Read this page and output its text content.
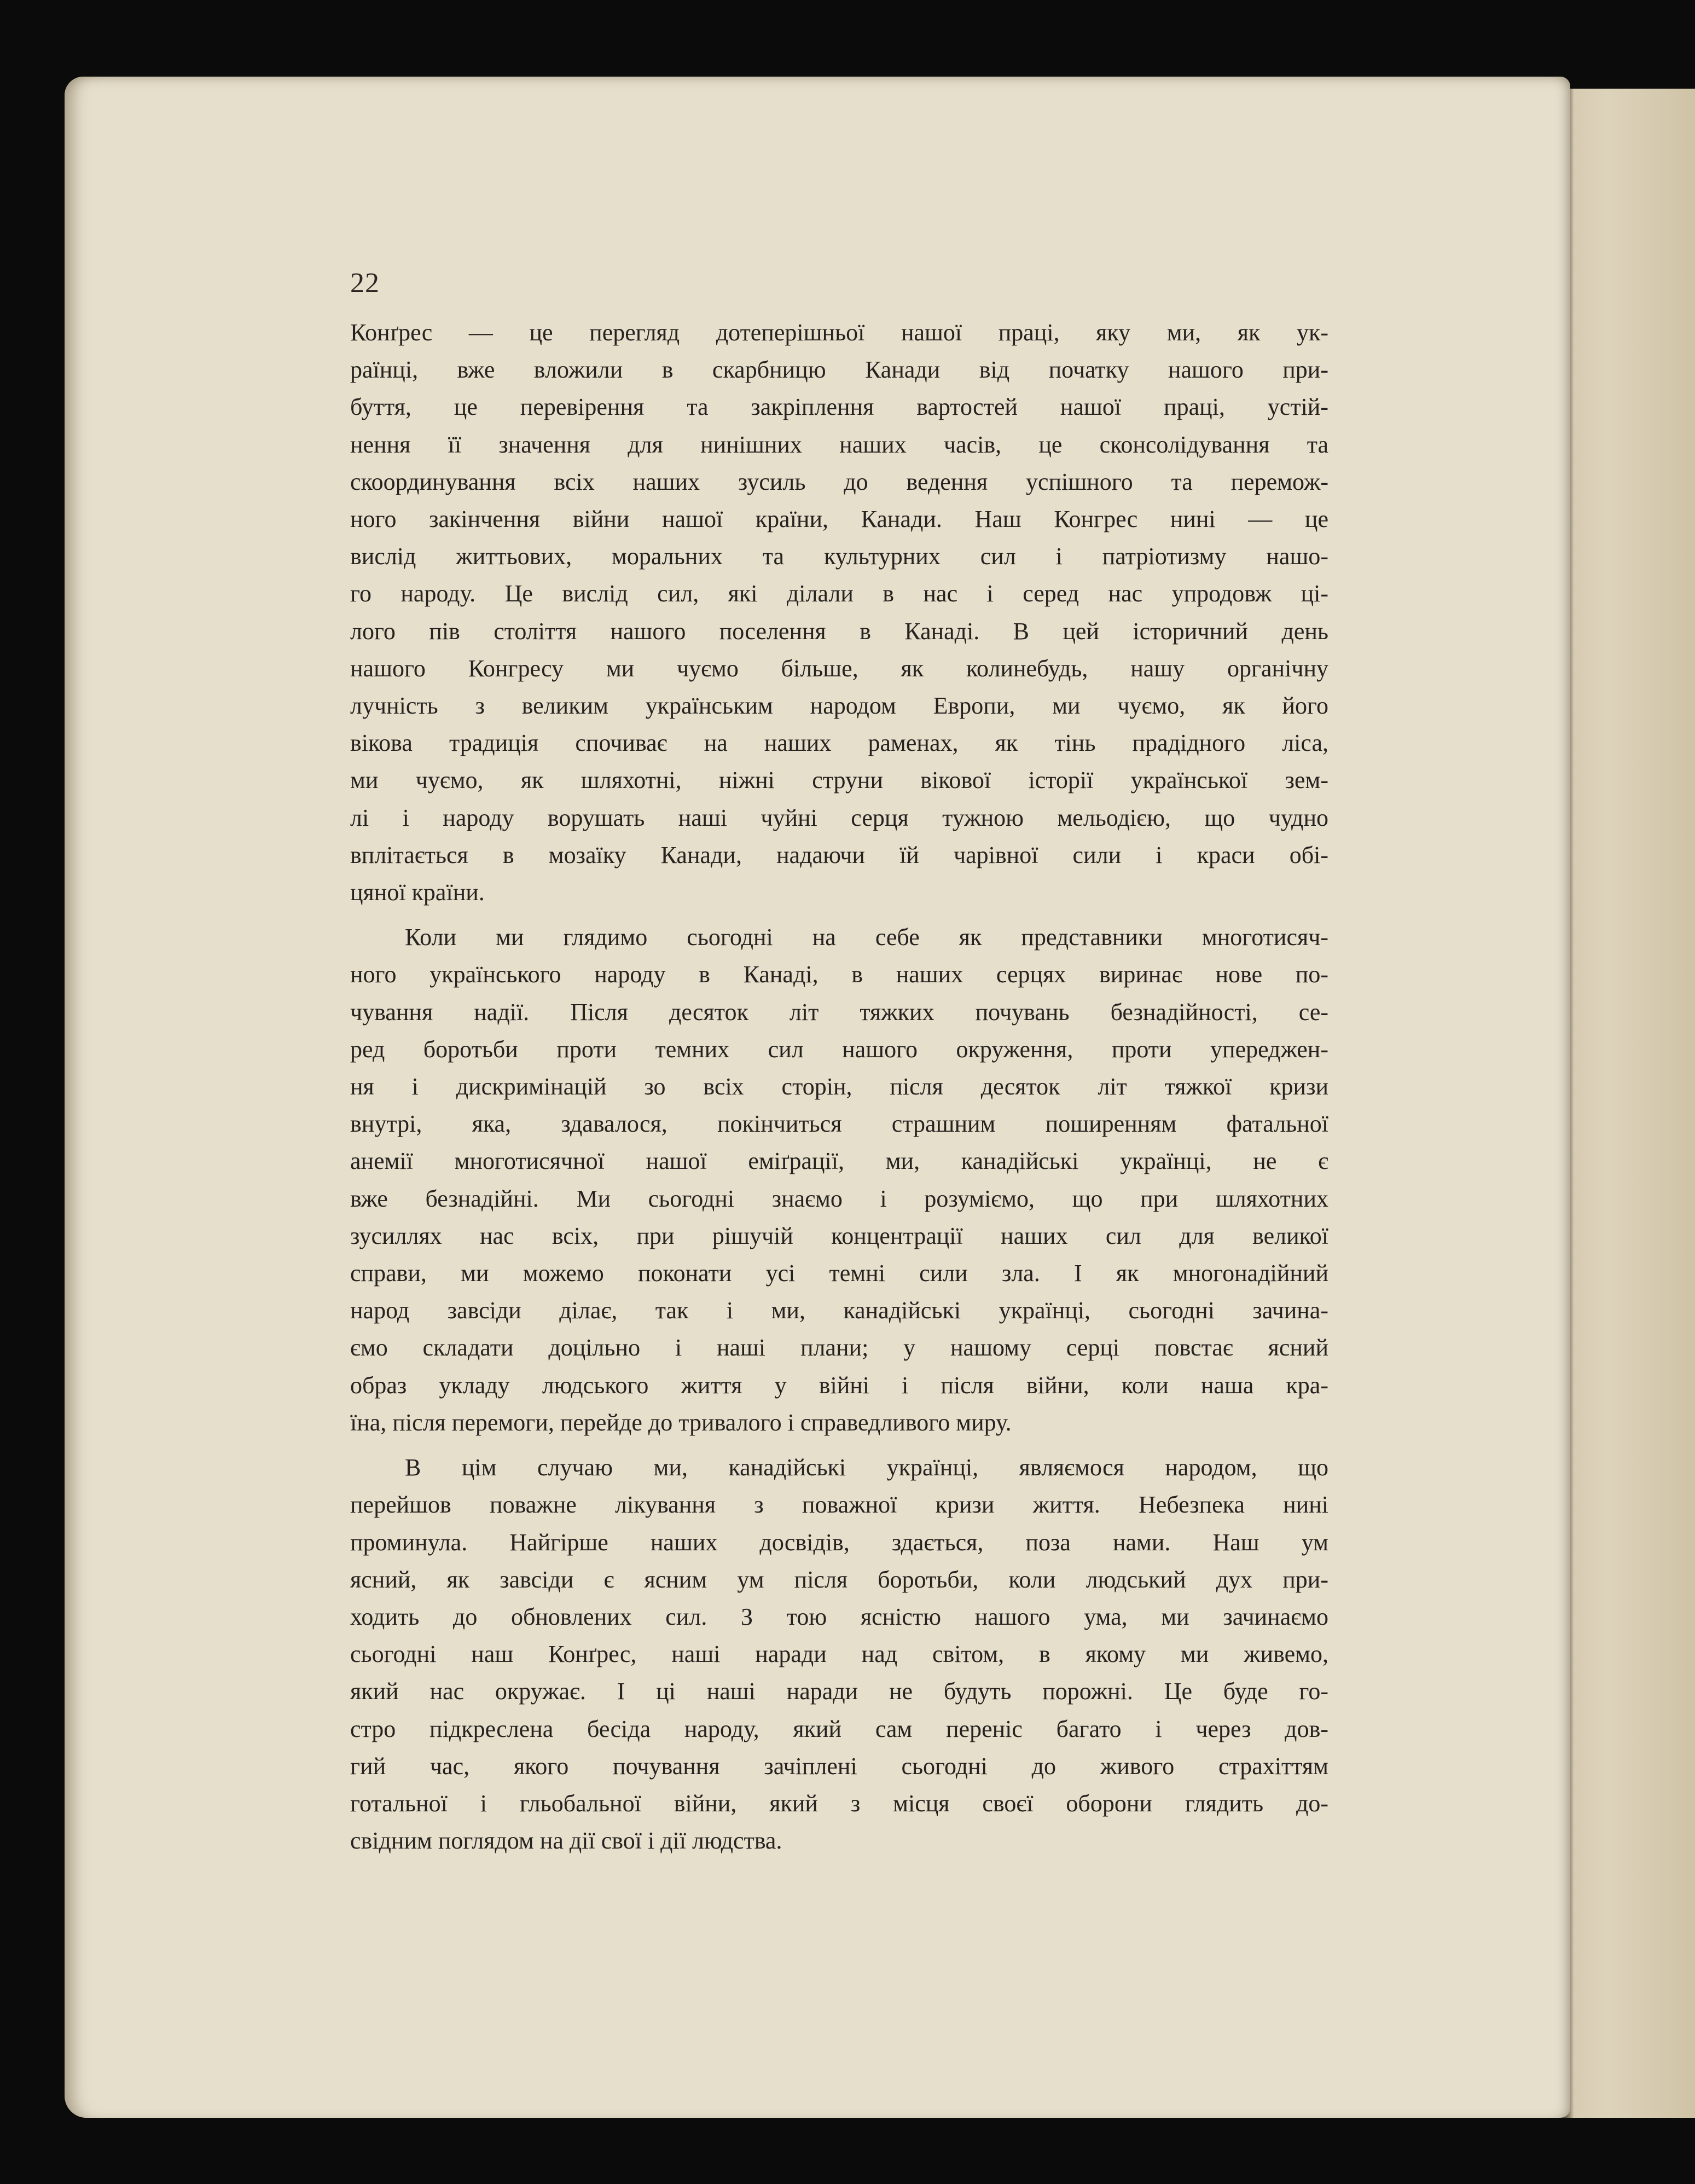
22
Конґрес — це перегляд дотеперішньої нашої праці, яку ми, як ук-
раїнці, вже вложили в скарбницю Канади від початку нашого при-
буття, це перевірення та закріплення вартостей нашої праці, устій-
нення її значення для нинішних наших часів, це сконсолідування та
скоординування всіх наших зусиль до ведення успішного та перемож-
ного закінчення війни нашої країни, Канади. Наш Конгрес нині — це
вислід життьових, моральних та культурних сил і патріотизму нашо-
го народу. Це вислід сил, які ділали в нас і серед нас упродовж ці-
лого пів століття нашого поселення в Канаді. В цей історичний день
нашого Конгресу ми чуємо більше, як колинебудь, нашу органічну
лучність з великим українським народом Европи, ми чуємо, як його
вікова традиція спочиває на наших раменах, як тінь прадідного ліса,
ми чуємо, як шляхотні, ніжні струни вікової історії української зем-
лі і народу ворушать наші чуйні серця тужною мельодією, що чудно
вплітається в мозаїку Канади, надаючи їй чарівної сили і краси обі-
цяної країни.
Коли ми глядимо сьогодні на себе як представники многотисяч-
ного українського народу в Канаді, в наших серцях виринає нове по-
чування надії. Після десяток літ тяжких почувань безнадійності, се-
ред боротьби проти темних сил нашого окруження, проти упереджен-
ня і дискримінацій зо всіх сторін, після десяток літ тяжкої кризи
внутрі, яка, здавалося, покінчиться страшним поширенням фатальної
анемії многотисячної нашої еміґрації, ми, канадійські українці, не є
вже безнадійні. Ми сьогодні знаємо і розуміємо, що при шляхотних
зусиллях нас всіх, при рішучій концентрації наших сил для великої
справи, ми можемо поконати усі темні сили зла. І як многонадійний
народ завсіди ділає, так і ми, канадійські українці, сьогодні зачина-
ємо складати доцільно і наші плани; у нашому серці повстає ясний
образ укладу людського життя у війні і після війни, коли наша кра-
їна, після перемоги, перейде до тривалого і справедливого миру.
В цім случаю ми, канадійські українці, являємося народом, що
перейшов поважне лікування з поважної кризи життя. Небезпека нині
проминула. Найгірше наших досвідів, здається, поза нами. Наш ум
ясний, як завсіди є ясним ум після боротьби, коли людський дух при-
ходить до обновлених сил. З тою ясністю нашого ума, ми зачинаємо
сьогодні наш Конґрес, наші наради над світом, в якому ми живемо,
який нас окружає. І ці наші наради не будуть порожні. Це буде го-
стро підкреслена бесіда народу, який сам переніс багато і через дов-
гий час, якого почування зачіплені сьогодні до живого страхіттям
готальної і гльобальної війни, який з місця своєї оборони глядить до-
свідним поглядом на дії свої і дії людства.
